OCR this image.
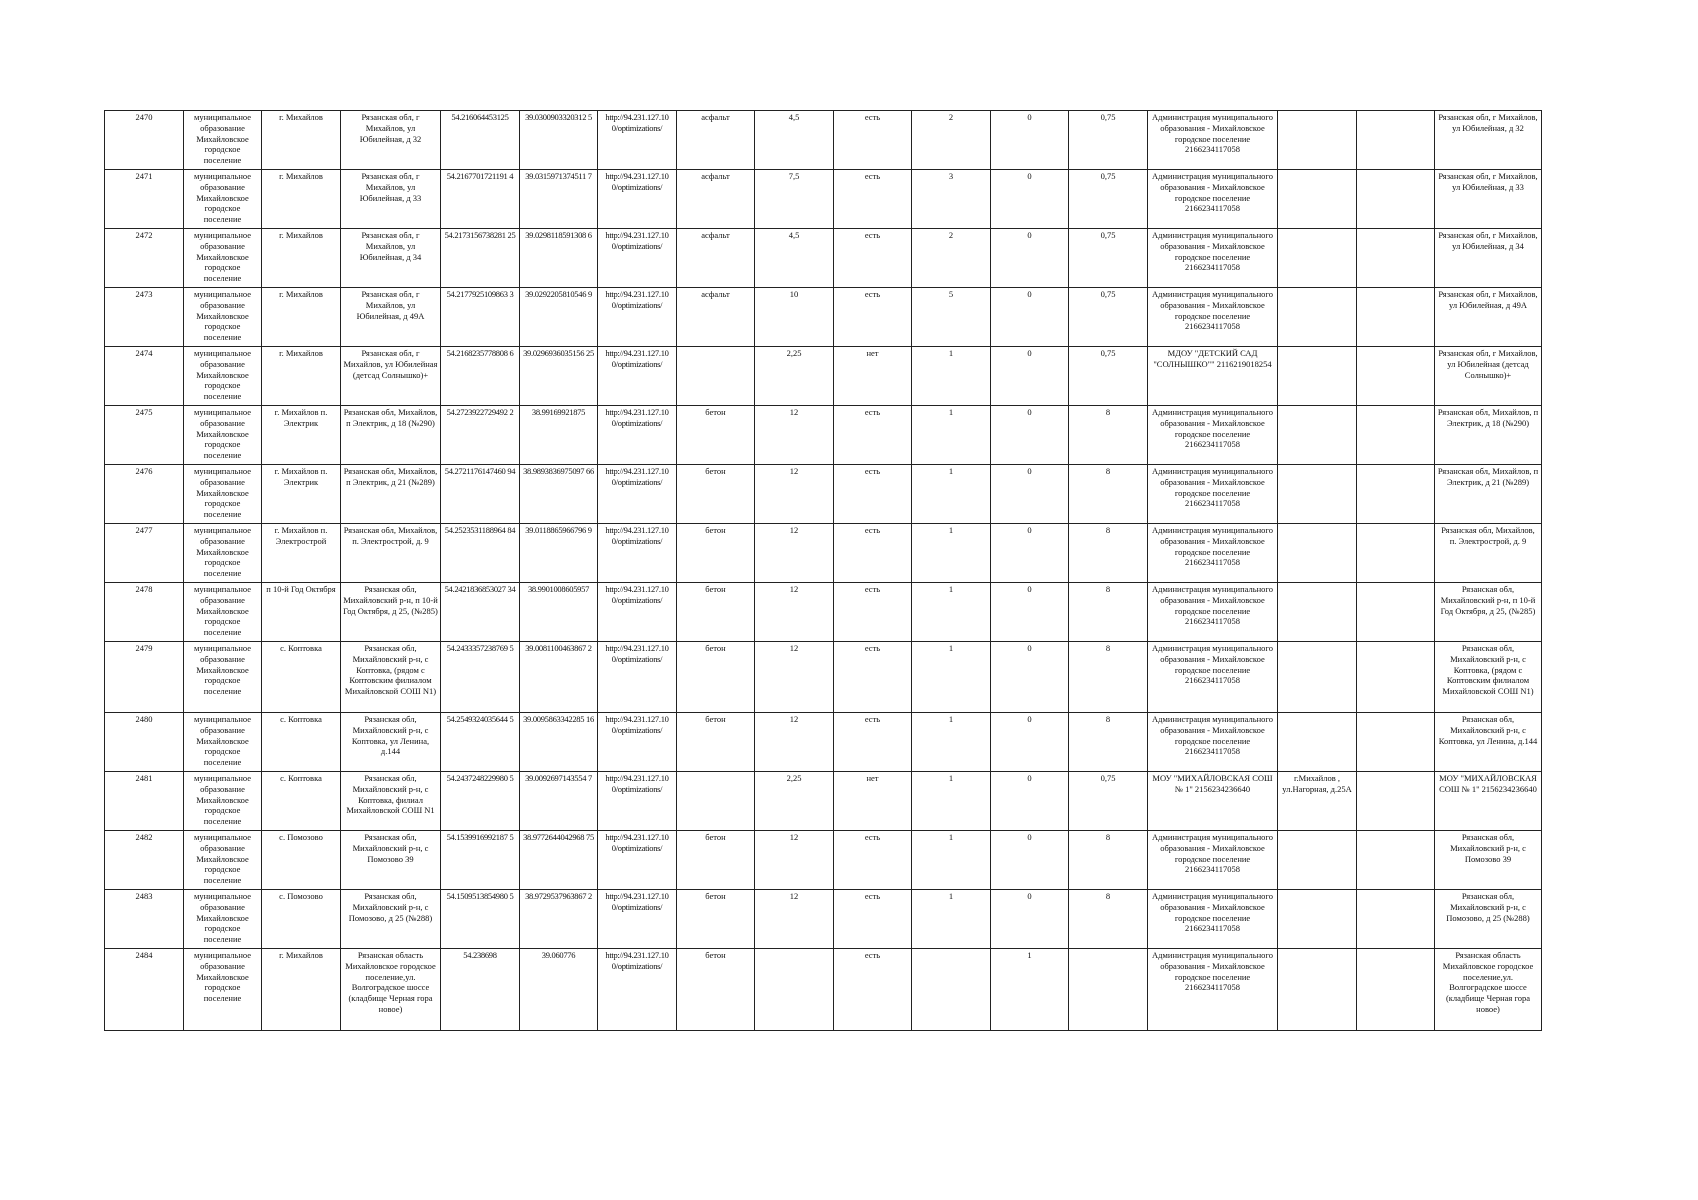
2470	муниципальное образование Михайловское городское поселение	г. Михайлов	Рязанская обл, г Михайлов, ул Юбилейная, д 32	54.216064453125	39.0300903320312 5	http://94.231.127.10 0/optimizations/	асфальт	4,5	есть	2	0	0,75	Администрация муниципального образования - Михайловское городское поселение 2166234117058			Рязанская обл, г Михайлов, ул Юбилейная, д 32
2471	муниципальное образование Михайловское городское поселение	г. Михайлов	Рязанская обл, г Михайлов, ул Юбилейная, д 33	54.2167701721191 4	39.0315971374511 7	http://94.231.127.10 0/optimizations/	асфальт	7,5	есть	3	0	0,75	Администрация муниципального образования - Михайловское городское поселение 2166234117058			Рязанская обл, г Михайлов, ул Юбилейная, д 33
2472	муниципальное образование Михайловское городское поселение	г. Михайлов	Рязанская обл, г Михайлов, ул Юбилейная, д 34	54.2173156738281 25	39.0298118591308 6	http://94.231.127.10 0/optimizations/	асфальт	4,5	есть	2	0	0,75	Администрация муниципального образования - Михайловское городское поселение 2166234117058			Рязанская обл, г Михайлов, ул Юбилейная, д 34
2473	муниципальное образование Михайловское городское поселение	г. Михайлов	Рязанская обл, г Михайлов, ул Юбилейная, д 49А	54.2177925109863 3	39.0292205810546 9	http://94.231.127.10 0/optimizations/	асфальт	10	есть	5	0	0,75	Администрация муниципального образования - Михайловское городское поселение 2166234117058			Рязанская обл, г Михайлов, ул Юбилейная, д 49А
2474	муниципальное образование Михайловское городское поселение	г. Михайлов	Рязанская обл, г Михайлов, ул Юбилейная (детсад Солнышко)+	54.2168235778808 6	39.0296936035156 25	http://94.231.127.10 0/optimizations/		2,25	нет	1	0	0,75	МДОУ "ДЕТСКИЙ САД "СОЛНЫШКО"" 2116219018254			Рязанская обл, г Михайлов, ул Юбилейная (детсад Солнышко)+
2475	муниципальное образование Михайловское городское поселение	г. Михайлов п. Электрик	Рязанская обл, Михайлов, п Электрик, д 18 (№290)	54.2723922729492 2	38.99169921875	http://94.231.127.10 0/optimizations/	бетон	12	есть	1	0	8	Администрация муниципального образования - Михайловское городское поселение 2166234117058			Рязанская обл, Михайлов, п Электрик, д 18 (№290)
2476	муниципальное образование Михайловское городское поселение	г. Михайлов п. Электрик	Рязанская обл, Михайлов, п Электрик, д 21 (№289)	54.2721176147460 94	38.9893836975097 66	http://94.231.127.10 0/optimizations/	бетон	12	есть	1	0	8	Администрация муниципального образования - Михайловское городское поселение 2166234117058			Рязанская обл, Михайлов, п Электрик, д 21 (№289)
2477	муниципальное образование Михайловское городское поселение	г. Михайлов п. Электрострой	Рязанская обл, Михайлов, п. Электрострой, д. 9	54.2523531188964 84	39.0118865966796 9	http://94.231.127.10 0/optimizations/	бетон	12	есть	1	0	8	Администрация муниципального образования - Михайловское городское поселение 2166234117058			Рязанская обл, Михайлов, п. Электрострой, д. 9
2478	муниципальное образование Михайловское городское поселение	п 10-й Год Октября	Рязанская обл, Михайловский р-н, п 10-й Год Октября, д 25, (№285)	54.2421836853027 34	38.9901008605957	http://94.231.127.10 0/optimizations/	бетон	12	есть	1	0	8	Администрация муниципального образования - Михайловское городское поселение 2166234117058			Рязанская обл, Михайловский р-н, п 10-й Год Октября, д 25, (№285)
2479	муниципальное образование Михайловское городское поселение	с. Коптовка	Рязанская обл, Михайловский р-н, с Коптовка, (рядом с Коптовским филиалом Михайловской СОШ N1)	54.2433357238769 5	39.0081100463867 2	http://94.231.127.10 0/optimizations/	бетон	12	есть	1	0	8	Администрация муниципального образования - Михайловское городское поселение 2166234117058			Рязанская обл, Михайловский р-н, с Коптовка, (рядом с Коптовским филиалом Михайловской СОШ N1)
2480	муниципальное образование Михайловское городское поселение	с. Коптовка	Рязанская обл, Михайловский р-н, с Коптовка, ул Ленина, д.144	54.2549324035644 5	39.0095863342285 16	http://94.231.127.10 0/optimizations/	бетон	12	есть	1	0	8	Администрация муниципального образования - Михайловское городское поселение 2166234117058			Рязанская обл, Михайловский р-н, с Коптовка, ул Ленина, д.144
2481	муниципальное образование Михайловское городское поселение	с. Коптовка	Рязанская обл, Михайловский р-н, с Коптовка, филиал Михайловской СОШ N1	54.2437248229980 5	39.0092697143554 7	http://94.231.127.10 0/optimizations/		2,25	нет	1	0	0,75	МОУ "МИХАЙЛОВСКАЯ СОШ № 1" 2156234236640	г.Михайлов , ул.Нагорная, д.25А		МОУ "МИХАЙЛОВСКАЯ СОШ № 1" 2156234236640
2482	муниципальное образование Михайловское городское поселение	с. Помозово	Рязанская обл, Михайловский р-н, с Помозово 39	54.1539916992187 5	38.9772644042968 75	http://94.231.127.10 0/optimizations/	бетон	12	есть	1	0	8	Администрация муниципального образования - Михайловское городское поселение 2166234117058			Рязанская обл, Михайловский р-н, с Помозово 39
2483	муниципальное образование Михайловское городское поселение	с. Помозово	Рязанская обл, Михайловский р-н, с Помозово, д 25 (№288)	54.1509513854980 5	38.9729537963867 2	http://94.231.127.10 0/optimizations/	бетон	12	есть	1	0	8	Администрация муниципального образования - Михайловское городское поселение 2166234117058			Рязанская обл, Михайловский р-н, с Помозово, д 25 (№288)
2484	муниципальное образование Михайловское городское поселение	г. Михайлов	Рязанская область Михайловское городское поселение,ул. Волгоградское шоссе (кладбище Черная гора новое)	54.238698	39.060776	http://94.231.127.10 0/optimizations/	бетон		есть		1		Администрация муниципального образования - Михайловское городское поселение 2166234117058			Рязанская область Михайловское городское поселение,ул. Волгоградское шоссе (кладбище Черная гора новое)
